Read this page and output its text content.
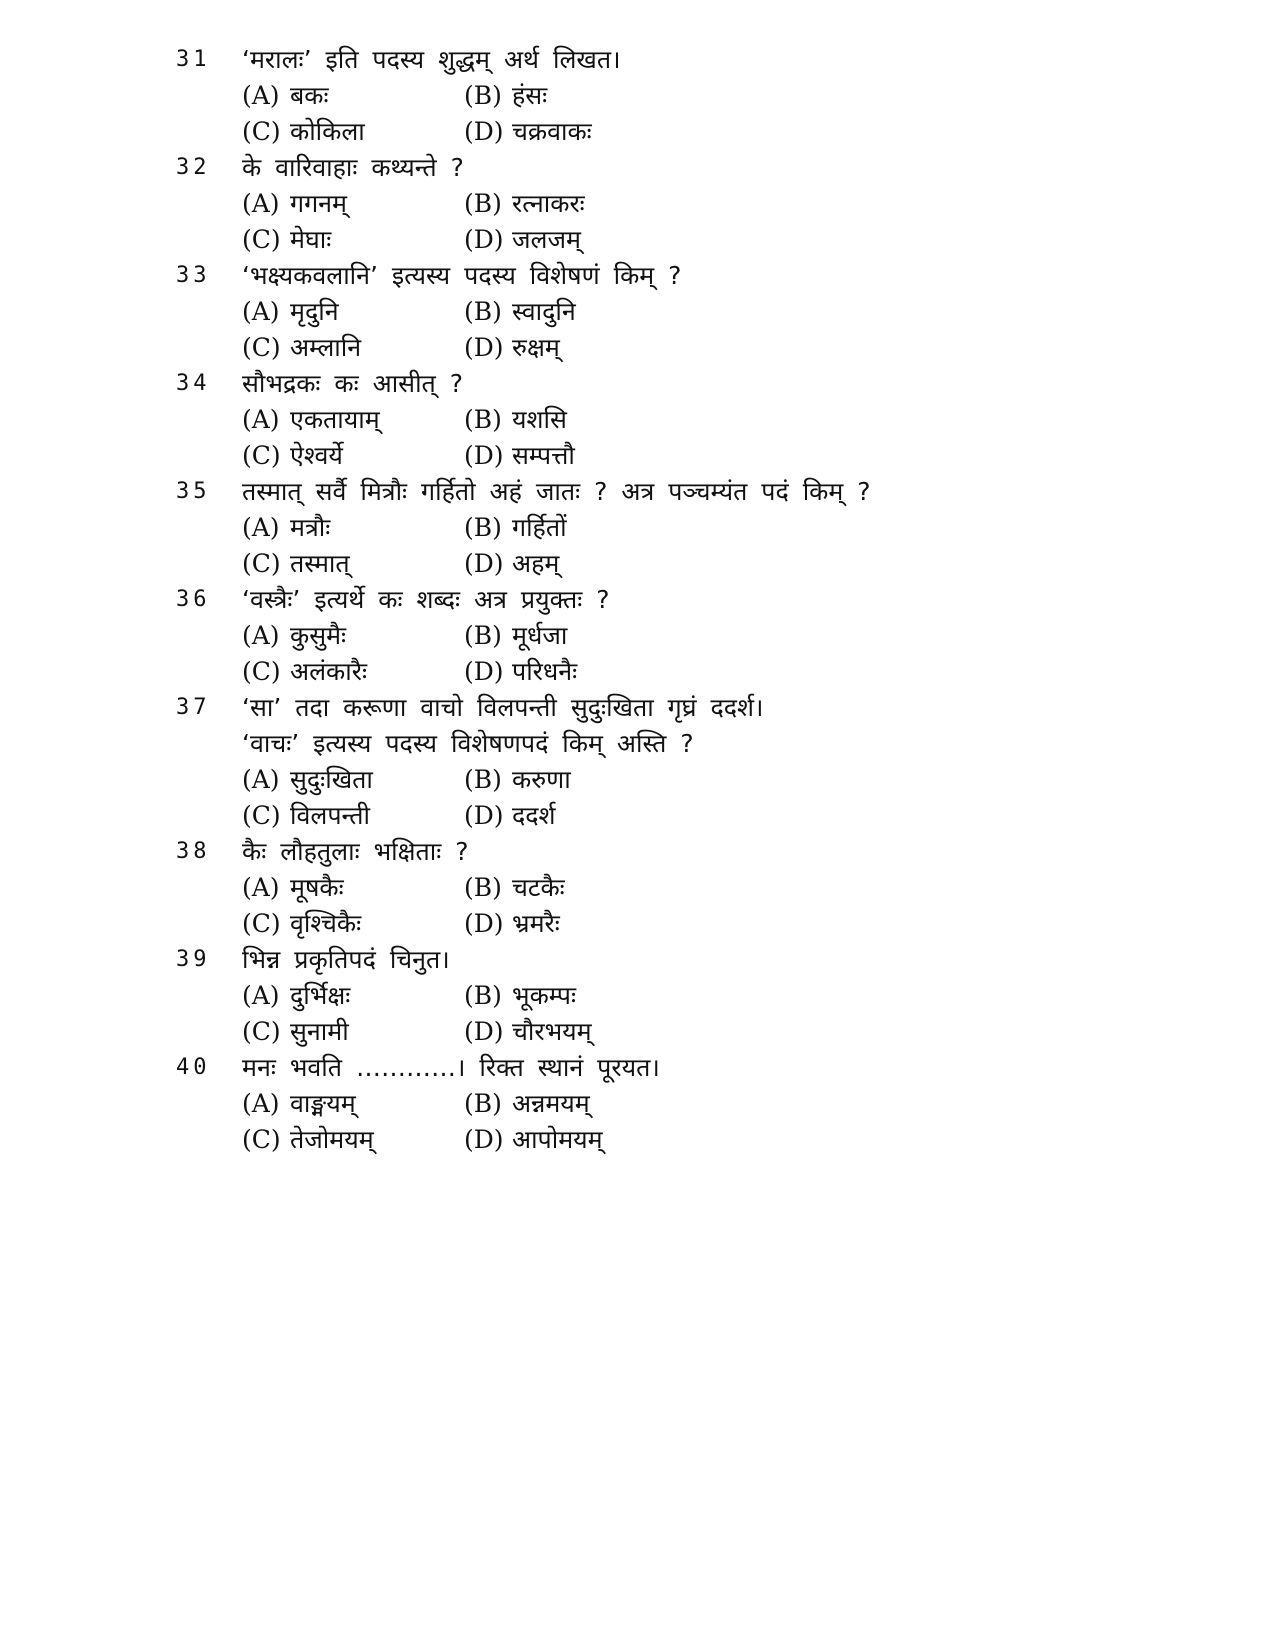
31 ‘मरालः’ इति पदस्य शुद्धम् अर्थ लिखत।
(A) बकः	(B) हंसः
(C) कोकिला	(D) चक्रवाकः
32 के वारिवाहाः कथ्यन्ते ?
(A) गगनम्	(B) रत्नाकरः
(C) मेघाः	(D) जलजम्
33 ‘भक्ष्यकवलानि’ इत्यस्य पदस्य विशेषणं किम् ?
(A) मृदुनि	(B) स्वादुनि
(C) अम्लानि	(D) रुक्षम्
34 सौभद्रकः कः आसीत् ?
(A) एकतायाम्	(B) यशसि
(C) ऐश्वर्ये	(D) सम्पत्तौ
35 तस्मात् सर्वै मित्रौः गर्हितो अहं जातः ? अत्र पञ्चम्यंत पदं किम् ?
(A) मत्रौः	(B) गर्हितों
(C) तस्मात्	(D) अहम्
36 ‘वस्त्रैः’ इत्यर्थे कः शब्दः अत्र प्रयुक्तः ?
(A) कुसुमैः	(B) मूर्धजा
(C) अलंकारैः	(D) परिधनैः
37 ‘सा’ तदा करूणा वाचो विलपन्ती सुदुःखिता गृघ्रं ददर्श।
‘वाचः’ इत्यस्य पदस्य विशेषणपदं किम् अस्ति ?
(A) सुदुःखिता	(B) करुणा
(C) विलपन्ती	(D) ददर्श
38 कैः लौहतुलाः भक्षिताः ?
(A) मूषकैः	(B) चटकैः
(C) वृश्चिकैः	(D) भ्रमरैः
39 भिन्न प्रकृतिपदं चिनुत।
(A) दुर्भिक्षः	(B) भूकम्पः
(C) सुनामी	(D) चौरभयम्
40 मनः भवति …………। रिक्त स्थानं पूरयत।
(A) वाङ्मयम्	(B) अन्नमयम्
(C) तेजोमयम्	(D) आपोमयम्
